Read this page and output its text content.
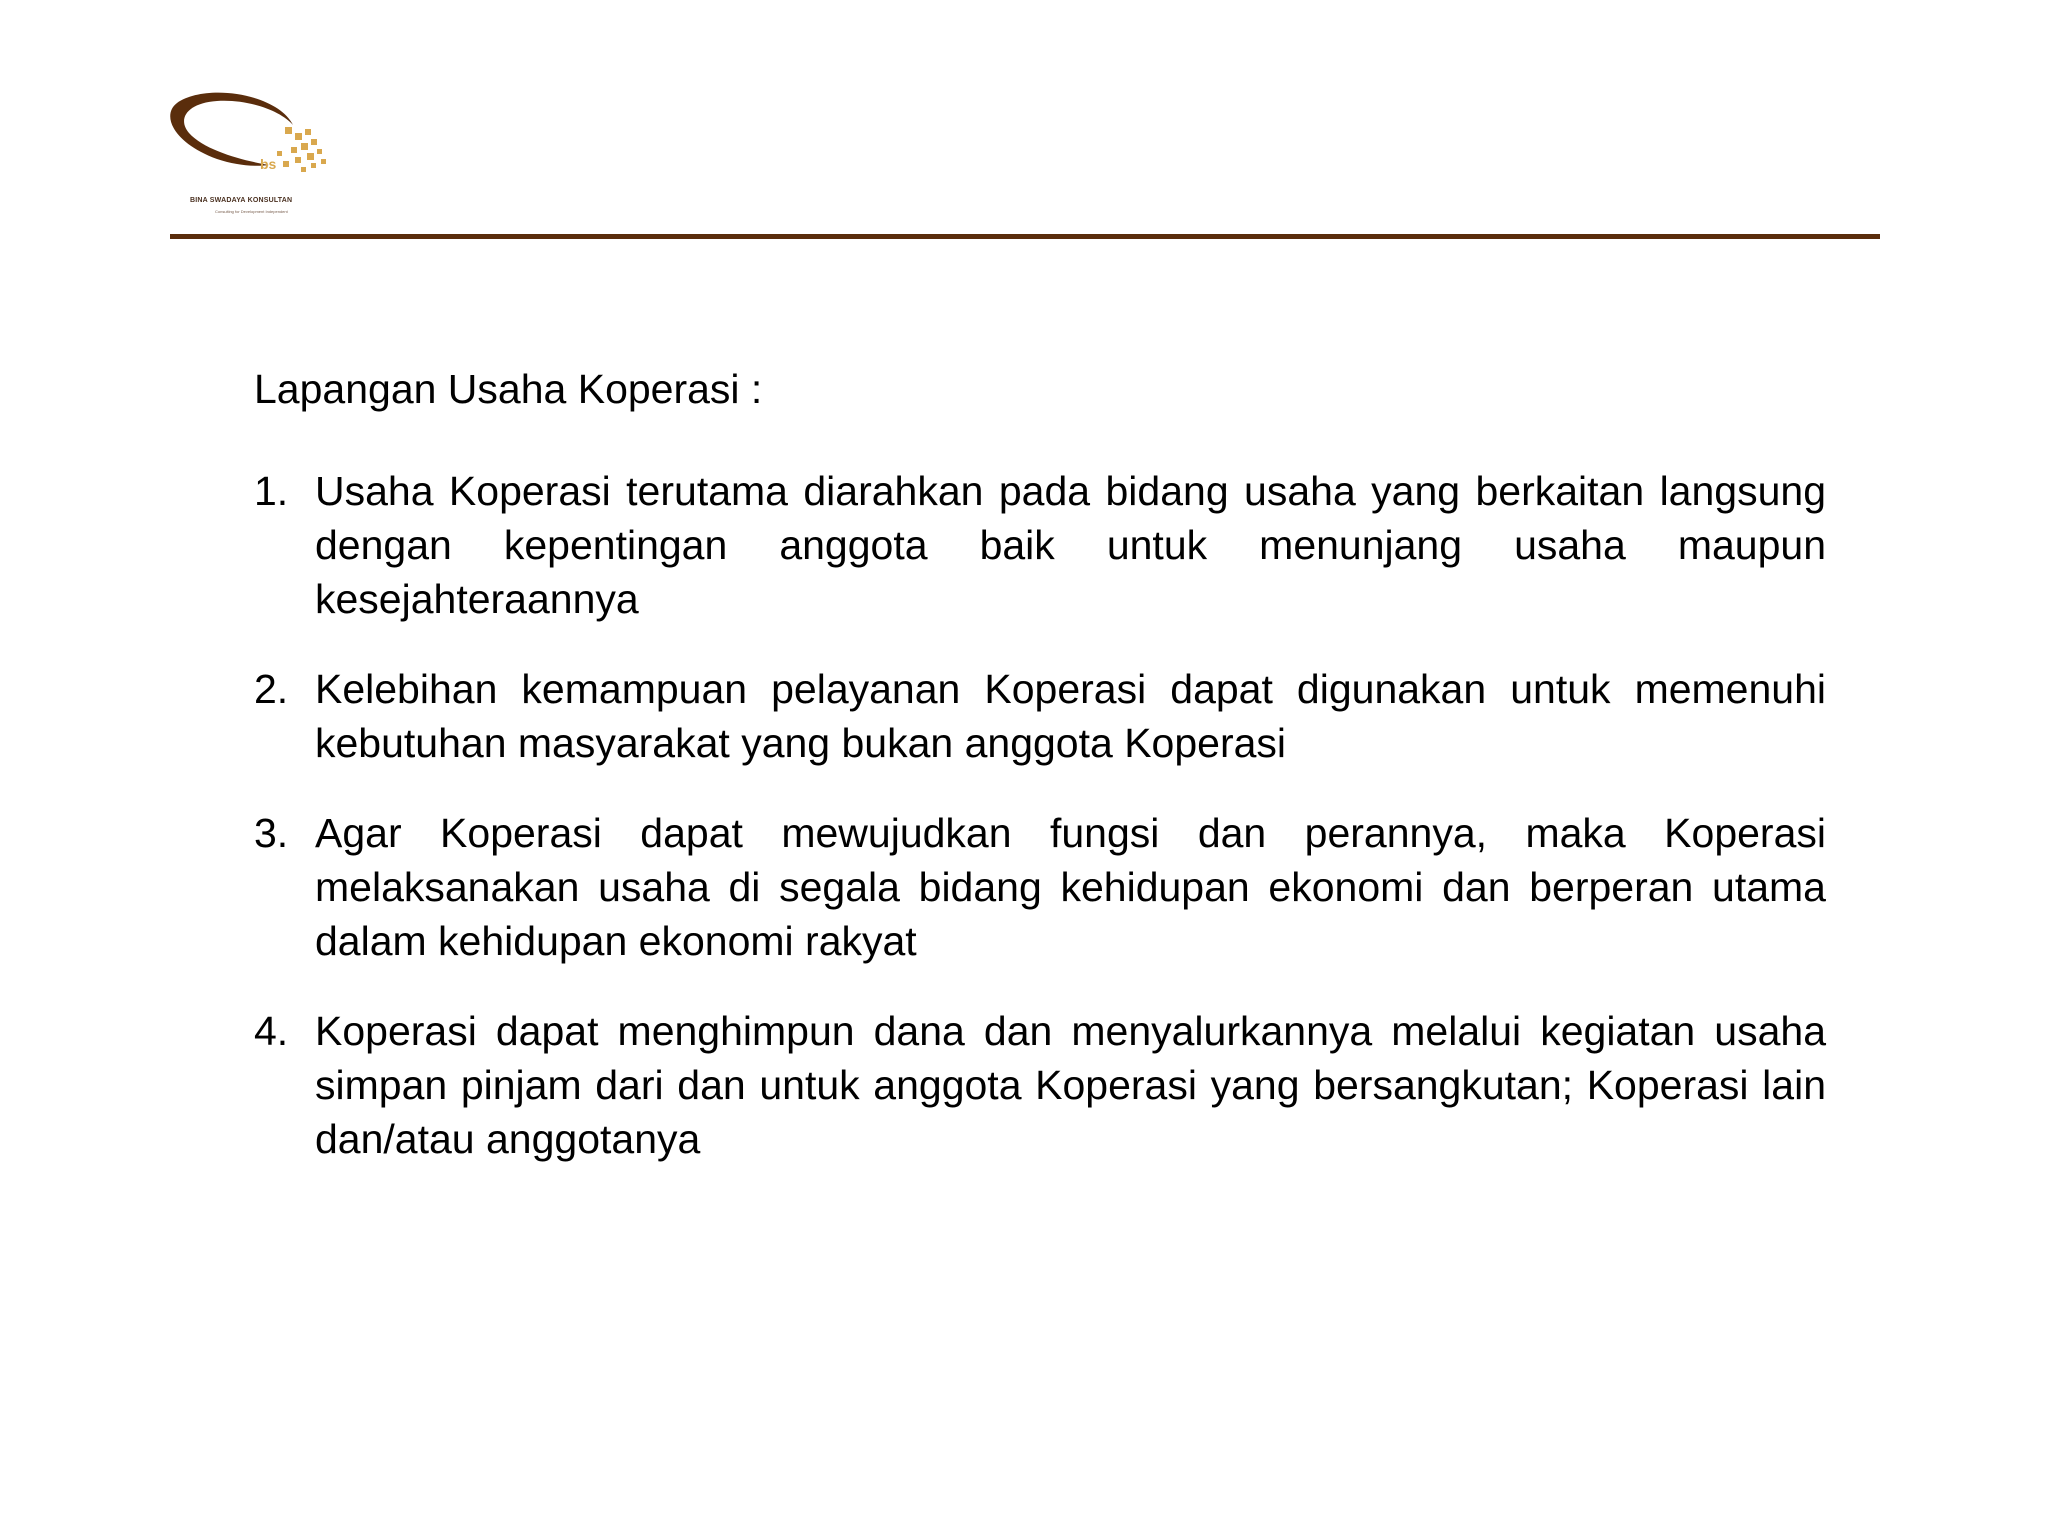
bs
BINA SWADAYA KONSULTAN
Consulting for Development Independent
Lapangan Usaha Koperasi :
1. Usaha Koperasi terutama diarahkan pada bidang usaha yang berkaitan langsung dengan kepentingan anggota baik untuk menunjang usaha maupun kesejahteraannya
2. Kelebihan kemampuan pelayanan Koperasi dapat digunakan untuk memenuhi kebutuhan masyarakat yang bukan anggota Koperasi
3. Agar Koperasi dapat mewujudkan fungsi dan perannya, maka Koperasi melaksanakan usaha di segala bidang kehidupan ekonomi dan berperan utama dalam kehidupan ekonomi rakyat
4. Koperasi dapat menghimpun dana dan menyalurkannya melalui kegiatan usaha simpan pinjam dari dan untuk anggota Koperasi yang bersangkutan; Koperasi lain dan/atau anggotanya
